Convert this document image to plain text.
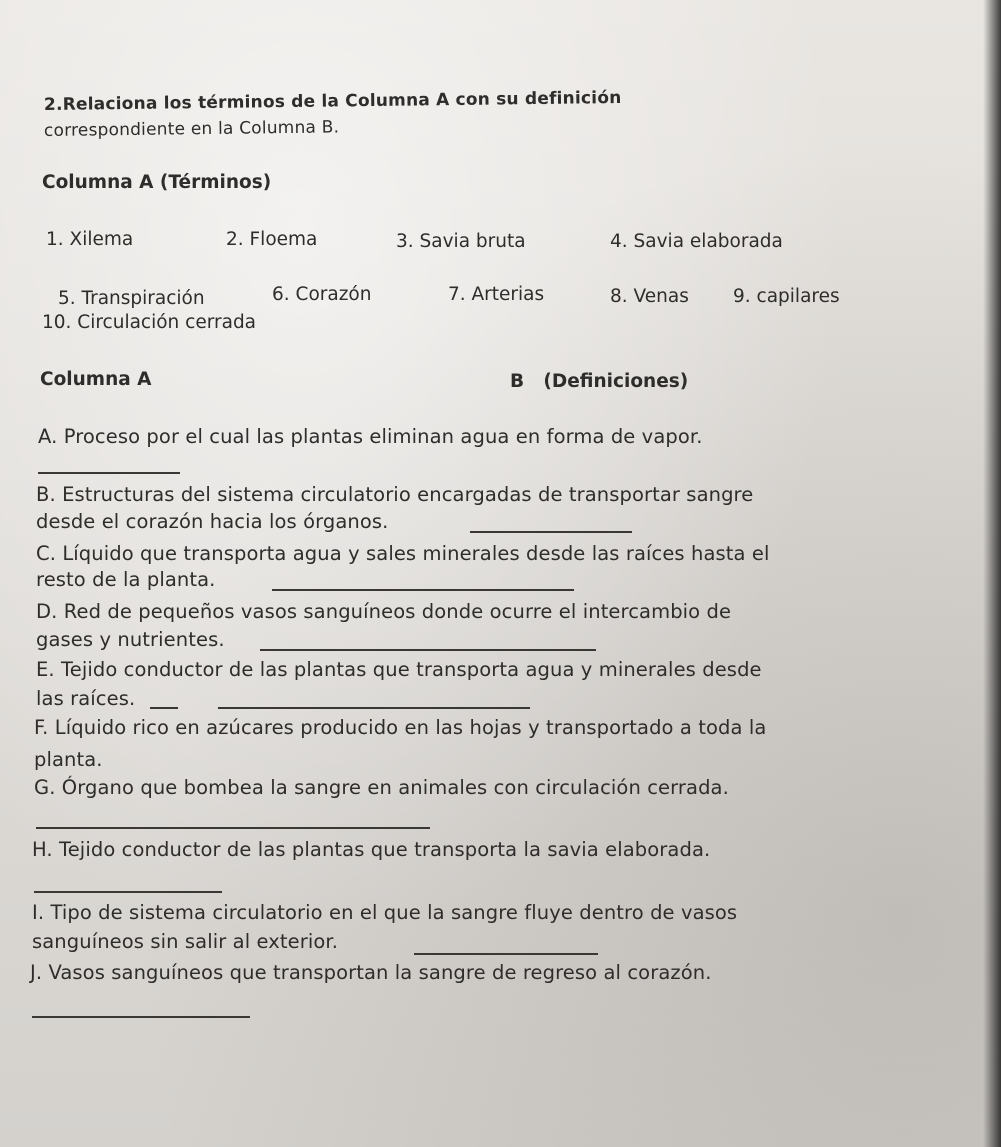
2.Relaciona los términos de la Columna A con su definición
correspondiente en la Columna B.
Columna A (Términos)
1. Xilema	2. Floema	3. Savia bruta	4. Savia elaborada
5. Transpiración	6. Corazón	7. Arterias	8. Venas 9. capilares
10. Circulación cerrada
Columna A	B   (Definiciones)
A. Proceso por el cual las plantas eliminan agua en forma de vapor.
B. Estructuras del sistema circulatorio encargadas de transportar sangre
desde el corazón hacia los órganos.
C. Líquido que transporta agua y sales minerales desde las raíces hasta el
resto de la planta.
D. Red de pequeños vasos sanguíneos donde ocurre el intercambio de
gases y nutrientes.
E. Tejido conductor de las plantas que transporta agua y minerales desde
las raíces.
F. Líquido rico en azúcares producido en las hojas y transportado a toda la
planta.
G. Órgano que bombea la sangre en animales con circulación cerrada.
H. Tejido conductor de las plantas que transporta la savia elaborada.
I. Tipo de sistema circulatorio en el que la sangre fluye dentro de vasos
sanguíneos sin salir al exterior.
J. Vasos sanguíneos que transportan la sangre de regreso al corazón.
